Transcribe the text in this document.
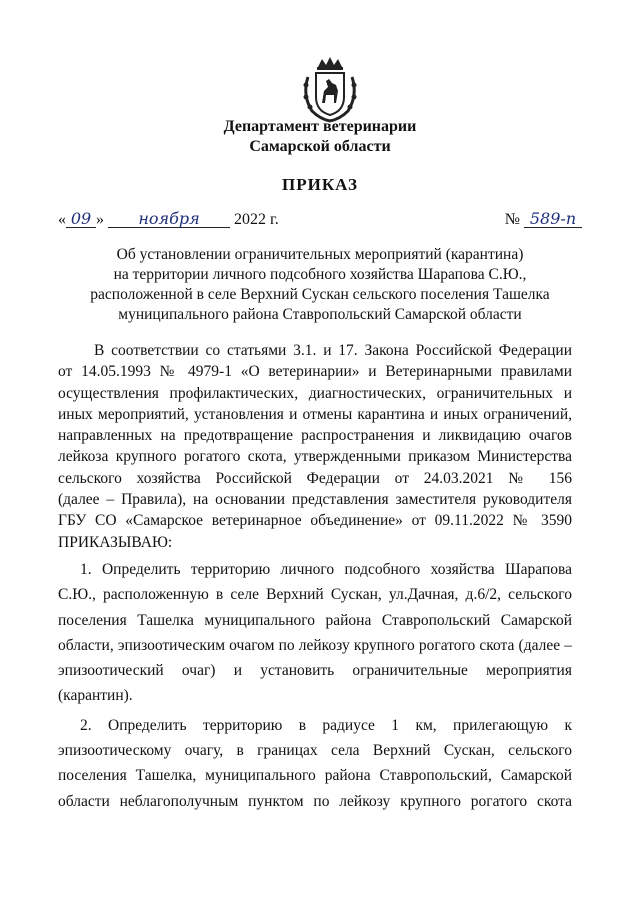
Департамент ветеринарии
Самарской области
ПРИКАЗ
« 09 » ноября 2022 г.	№ 589-п
Об установлении ограничительных мероприятий (карантина)
на территории личного подсобного хозяйства Шарапова С.Ю.,
расположенной в селе Верхний Сускан сельского поселения Ташелка
муниципального района Ставропольский Самарской области
В соответствии со статьями 3.1. и 17. Закона Российской Федерации
от 14.05.1993 № 4979-1 «О ветеринарии» и Ветеринарными правилами
осуществления профилактических, диагностических, ограничительных и
иных мероприятий, установления и отмены карантина и иных ограничений,
направленных на предотвращение распространения и ликвидацию очагов
лейкоза крупного рогатого скота, утвержденными приказом Министерства
сельского хозяйства Российской Федерации от 24.03.2021 № 156
(далее – Правила), на основании представления заместителя руководителя
ГБУ СО «Самарское ветеринарное объединение» от 09.11.2022 № 3590
ПРИКАЗЫВАЮ:
1. Определить территорию личного подсобного хозяйства Шарапова
С.Ю., расположенную в селе Верхний Сускан, ул.Дачная, д.6/2, сельского
поселения Ташелка муниципального района Ставропольский Самарской
области, эпизоотическим очагом по лейкозу крупного рогатого скота (далее –
эпизоотический очаг) и установить ограничительные мероприятия
(карантин).
2. Определить территорию в радиусе 1 км, прилегающую к
эпизоотическому очагу, в границах села Верхний Сускан, сельского
поселения Ташелка, муниципального района Ставропольский, Самарской
области неблагополучным пунктом по лейкозу крупного рогатого скота
